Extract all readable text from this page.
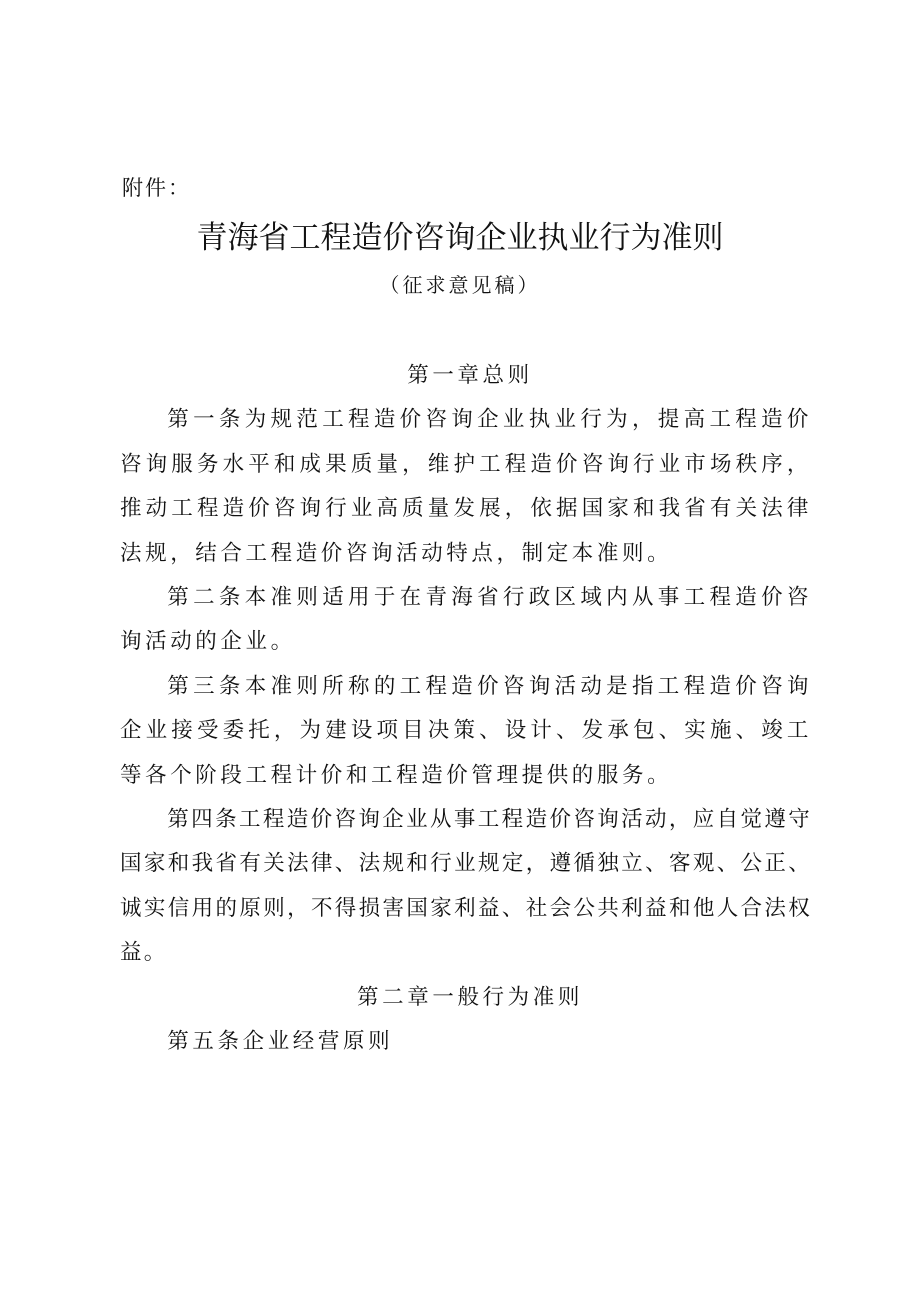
附件：
青海省工程造价咨询企业执业行为准则
（征求意见稿）

第一章总则

第一条为规范工程造价咨询企业执业行为，提高工程造价咨询服务水平和成果质量，维护工程造价咨询行业市场秩序，推动工程造价咨询行业高质量发展，依据国家和我省有关法律法规，结合工程造价咨询活动特点，制定本准则。

第二条本准则适用于在青海省行政区域内从事工程造价咨询活动的企业。

第三条本准则所称的工程造价咨询活动是指工程造价咨询企业接受委托，为建设项目决策、设计、发承包、实施、竣工等各个阶段工程计价和工程造价管理提供的服务。

第四条工程造价咨询企业从事工程造价咨询活动，应自觉遵守国家和我省有关法律、法规和行业规定，遵循独立、客观、公正、诚实信用的原则，不得损害国家利益、社会公共利益和他人合法权益。

第二章一般行为准则

第五条企业经营原则
